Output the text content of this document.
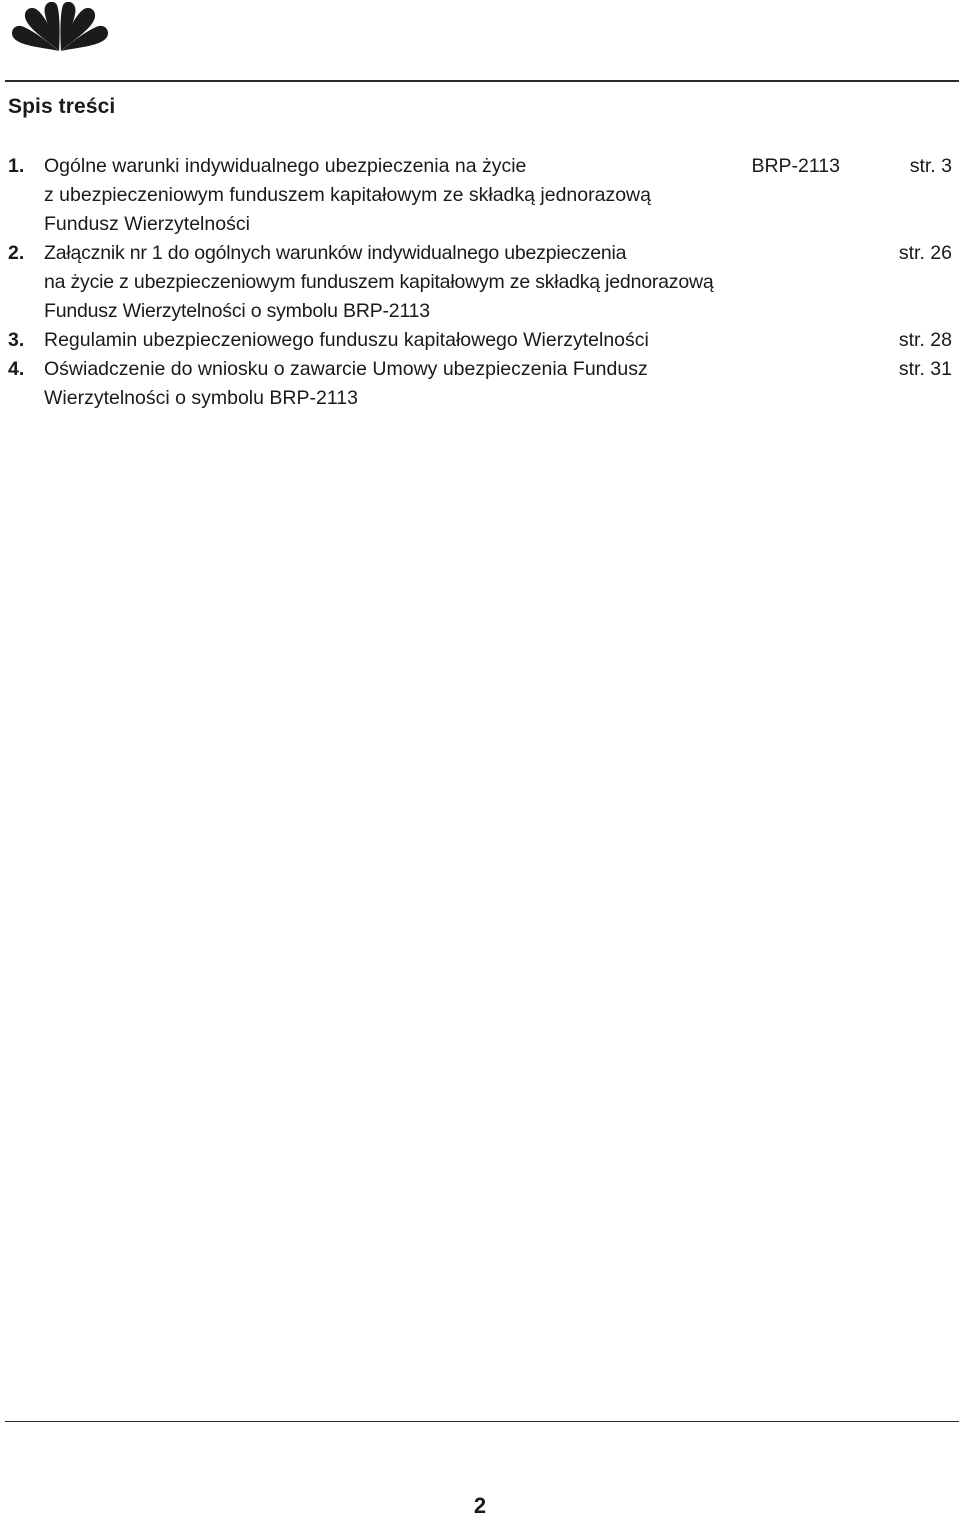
Spis treści
1. Ogólne warunki indywidualnego ubezpieczenia na życie
z ubezpieczeniowym funduszem kapitałowym ze składką jednorazową
Fundusz Wierzytelności
BRP-2113	str. 3
2. Załącznik nr 1 do ogólnych warunków indywidualnego ubezpieczenia
na życie z ubezpieczeniowym funduszem kapitałowym ze składką jednorazową
Fundusz Wierzytelności o symbolu BRP-2113
str. 26
3. Regulamin ubezpieczeniowego funduszu kapitałowego Wierzytelności	str. 28
4. Oświadczenie do wniosku o zawarcie Umowy ubezpieczenia Fundusz
Wierzytelności o symbolu BRP-2113
str. 31
2
